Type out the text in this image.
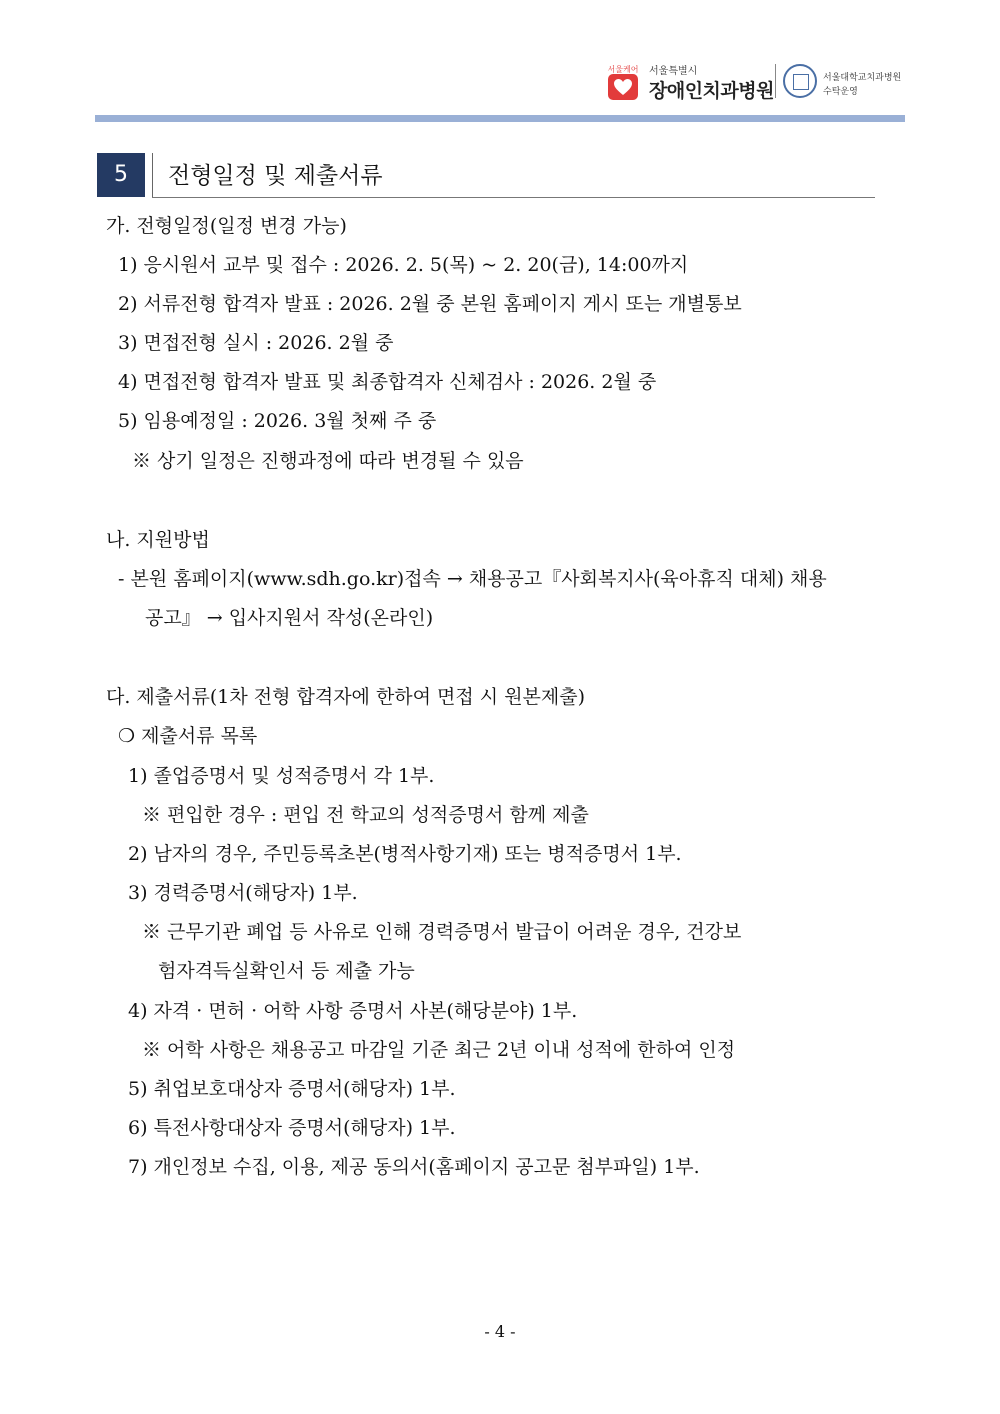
서울케어 서울특별시
장애인치과병원
서울대학교치과병원
수탁운영
5	전형일정 및 제출서류
가. 전형일정(일정 변경 가능)
1) 응시원서 교부 및 접수 : 2026. 2. 5(목) ~ 2. 20(금), 14:00까지
2) 서류전형 합격자 발표 : 2026. 2월 중 본원 홈페이지 게시 또는 개별통보
3) 면접전형 실시 : 2026. 2월 중
4) 면접전형 합격자 발표 및 최종합격자 신체검사 : 2026. 2월 중
5) 임용예정일 : 2026. 3월 첫째 주 중
※ 상기 일정은 진행과정에 따라 변경될 수 있음
나. 지원방법
- 본원 홈페이지(www.sdh.go.kr)접속 → 채용공고『사회복지사(육아휴직 대체) 채용
공고』 → 입사지원서 작성(온라인)
다. 제출서류(1차 전형 합격자에 한하여 면접 시 원본제출)
❍ 제출서류 목록
1) 졸업증명서 및 성적증명서 각 1부.
※ 편입한 경우 : 편입 전 학교의 성적증명서 함께 제출
2) 남자의 경우, 주민등록초본(병적사항기재) 또는 병적증명서 1부.
3) 경력증명서(해당자) 1부.
※ 근무기관 폐업 등 사유로 인해 경력증명서 발급이 어려운 경우, 건강보
험자격득실확인서 등 제출 가능
4) 자격 · 면허 · 어학 사항 증명서 사본(해당분야) 1부.
※ 어학 사항은 채용공고 마감일 기준 최근 2년 이내 성적에 한하여 인정
5) 취업보호대상자 증명서(해당자) 1부.
6) 특전사항대상자 증명서(해당자) 1부.
7) 개인정보 수집, 이용, 제공 동의서(홈페이지 공고문 첨부파일) 1부.
- 4 -
